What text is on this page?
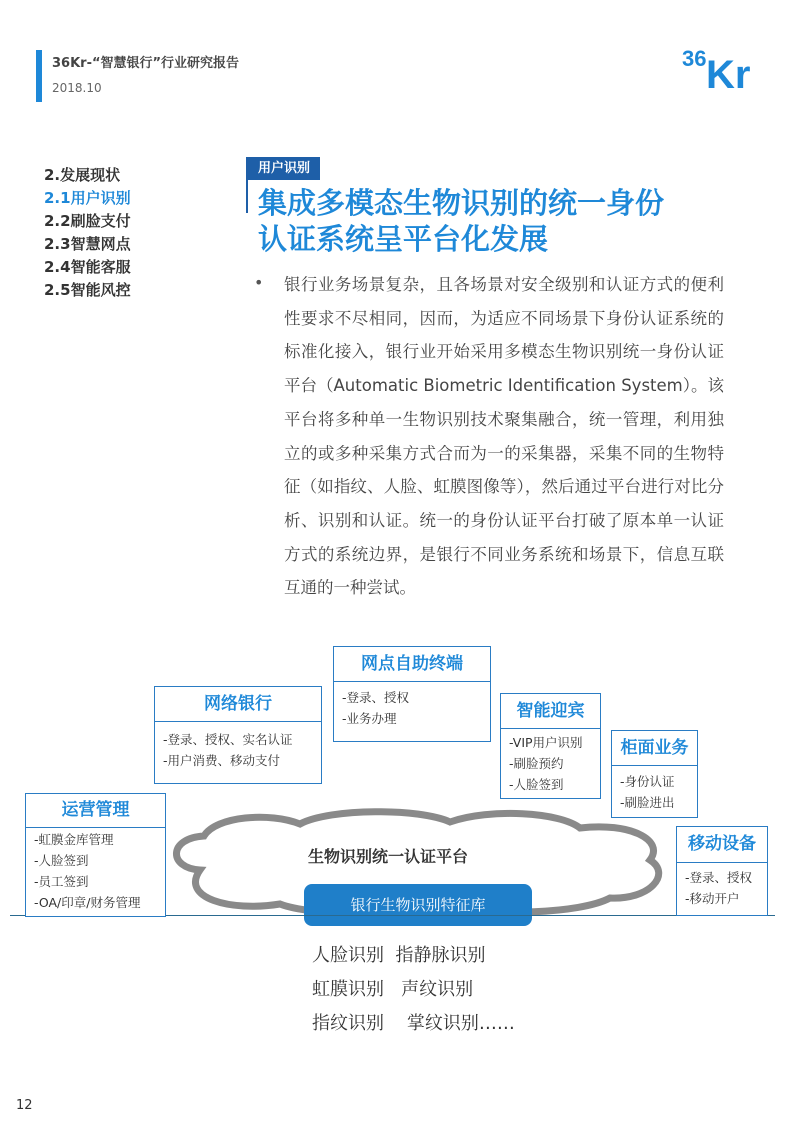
36Kr-“智慧银行”行业研究报告
2018.10
36 Kr
2.发展现状
2.1用户识别
2.2刷脸支付
2.3智慧网点
2.4智能客服
2.5智能风控
用户识别
集成多模态生物识别的统一身份
认证系统呈平台化发展
• 银行业务场景复杂，且各场景对安全级别和认证方式的便利性要求不尽相同，因而，为适应不同场景下身份认证系统的标准化接入，银行业开始采用多模态生物识别统一身份认证平台（Automatic Biometric Identification System）。该平台将多种单一生物识别技术聚集融合，统一管理，利用独立的或多种采集方式合而为一的采集器，采集不同的生物特征（如指纹、人脸、虹膜图像等），然后通过平台进行对比分析、识别和认证。统一的身份认证平台打破了原本单一认证方式的系统边界，是银行不同业务系统和场景下，信息互联互通的一种尝试。
生物识别统一认证平台
银行生物识别特征库
网点自助终端
-登录、授权
-业务办理
网络银行
-登录、授权、实名认证
-用户消费、移动支付
智能迎宾
-VIP用户识别
-刷脸预约
-人脸签到
柜面业务
-身份认证
-刷脸进出
运营管理
-虹膜金库管理
-人脸签到
-员工签到
-OA/印章/财务管理
移动设备
-登录、授权
-移动开户
人脸识别  指静脉识别
虹膜识别   声纹识别
指纹识别    掌纹识别……
12
